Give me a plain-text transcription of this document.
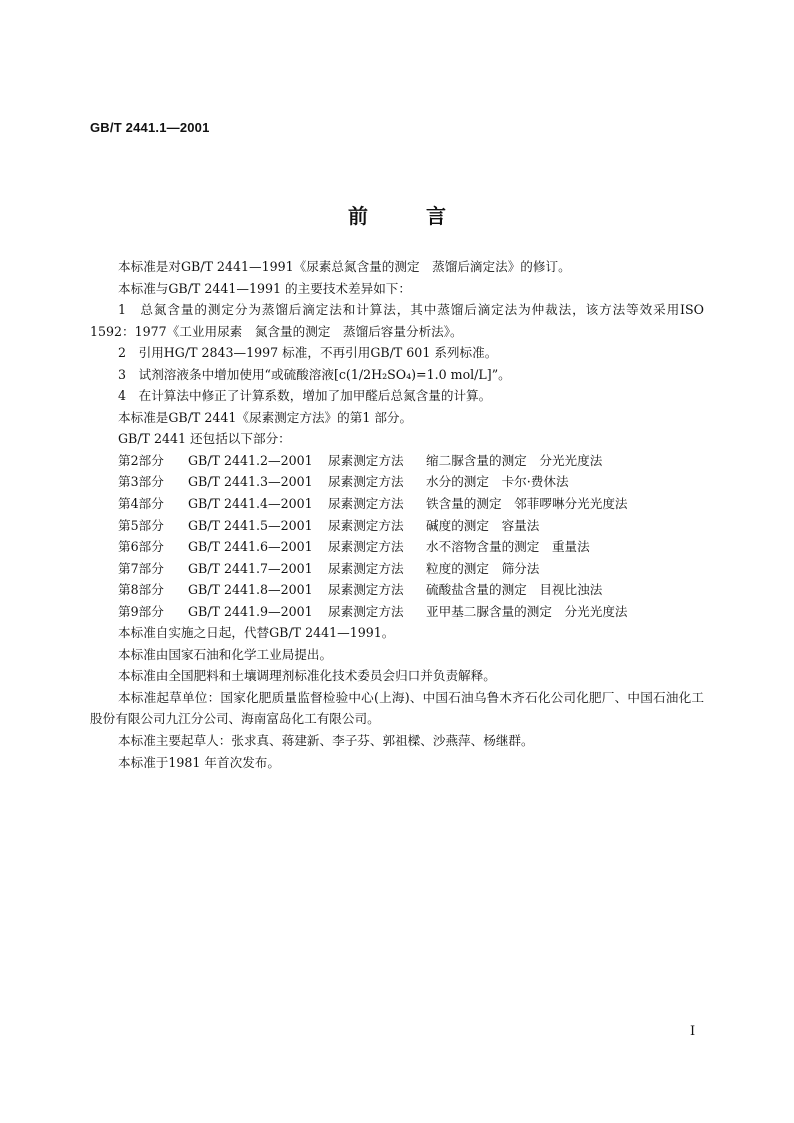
GB/T 2441.1—2001
前言

本标准是对GB/T 2441—1991《尿素总氮含量的测定　蒸馏后滴定法》的修订。

本标准与GB/T 2441—1991 的主要技术差异如下：

1　总氮含量的测定分为蒸馏后滴定法和计算法，其中蒸馏后滴定法为仲裁法，该方法等效采用ISO 1592：1977《工业用尿素　氮含量的测定　蒸馏后容量分析法》。

2　引用HG/T 2843—1997 标准，不再引用GB/T 601 系列标准。

3　试剂溶液条中增加使用“或硫酸溶液[c(1/2H₂SO₄)=1.0 mol/L]”。

4　在计算法中修正了计算系数，增加了加甲醛后总氮含量的计算。

本标准是GB/T 2441《尿素测定方法》的第1 部分。

GB/T 2441 还包括以下部分：

第2部分	GB/T 2441.2—2001	尿素测定方法	缩二脲含量的测定　分光光度法
第3部分	GB/T 2441.3—2001	尿素测定方法	水分的测定　卡尔·费休法
第4部分	GB/T 2441.4—2001	尿素测定方法	铁含量的测定　邻菲啰啉分光光度法
第5部分	GB/T 2441.5—2001	尿素测定方法	碱度的测定　容量法
第6部分	GB/T 2441.6—2001	尿素测定方法	水不溶物含量的测定　重量法
第7部分	GB/T 2441.7—2001	尿素测定方法	粒度的测定　筛分法
第8部分	GB/T 2441.8—2001	尿素测定方法	硫酸盐含量的测定　目视比浊法
第9部分	GB/T 2441.9—2001	尿素测定方法	亚甲基二脲含量的测定　分光光度法

本标准自实施之日起，代替GB/T 2441—1991。

本标准由国家石油和化学工业局提出。

本标准由全国肥料和土壤调理剂标准化技术委员会归口并负责解释。

本标准起草单位：国家化肥质量监督检验中心(上海)、中国石油乌鲁木齐石化公司化肥厂、中国石油化工股份有限公司九江分公司、海南富岛化工有限公司。

本标准主要起草人：张求真、蒋建新、李子芬、郭祖樑、沙燕萍、杨继群。

本标准于1981 年首次发布。

I
